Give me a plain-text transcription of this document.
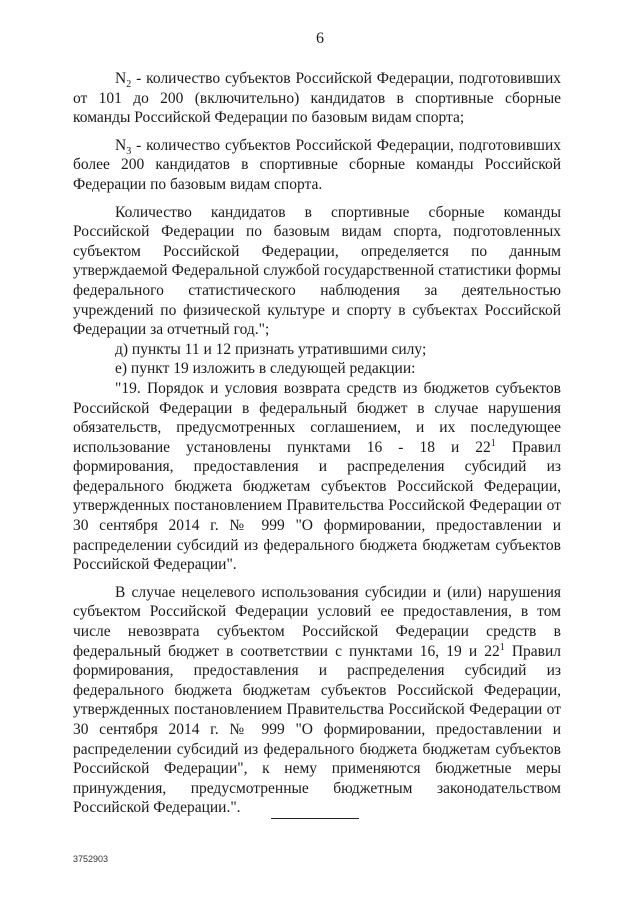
6

$N_2$ - количество субъектов Российской Федерации, подготовивших от 101 до 200 (включительно) кандидатов в спортивные сборные команды Российской Федерации по базовым видам спорта;

$N_3$ - количество субъектов Российской Федерации, подготовивших более 200 кандидатов в спортивные сборные команды Российской Федерации по базовым видам спорта.

Количество кандидатов в спортивные сборные команды Российской Федерации по базовым видам спорта, подготовленных субъектом Российской Федерации, определяется по данным утверждаемой Федеральной службой государственной статистики формы федерального статистического наблюдения за деятельностью учреждений по физической культуре и спорту в субъектах Российской Федерации за отчетный год.";

д) пункты 11 и 12 признать утратившими силу;

е) пункт 19 изложить в следующей редакции:

"19. Порядок и условия возврата средств из бюджетов субъектов Российской Федерации в федеральный бюджет в случае нарушения обязательств, предусмотренных соглашением, и их последующее использование установлены пунктами 16 - 18 и $22^1$ Правил формирования, предоставления и распределения субсидий из федерального бюджета бюджетам субъектов Российской Федерации, утвержденных постановлением Правительства Российской Федерации от 30 сентября 2014 г. № 999 "О формировании, предоставлении и распределении субсидий из федерального бюджета бюджетам субъектов Российской Федерации".

В случае нецелевого использования субсидии и (или) нарушения субъектом Российской Федерации условий ее предоставления, в том числе невозврата субъектом Российской Федерации средств в федеральный бюджет в соответствии с пунктами 16, 19 и $22^1$ Правил формирования, предоставления и распределения субсидий из федерального бюджета бюджетам субъектов Российской Федерации, утвержденных постановлением Правительства Российской Федерации от 30 сентября 2014 г. № 999 "О формировании, предоставлении и распределении субсидий из федерального бюджета бюджетам субъектов Российской Федерации", к нему применяются бюджетные меры принуждения, предусмотренные бюджетным законодательством Российской Федерации.".

3752903
